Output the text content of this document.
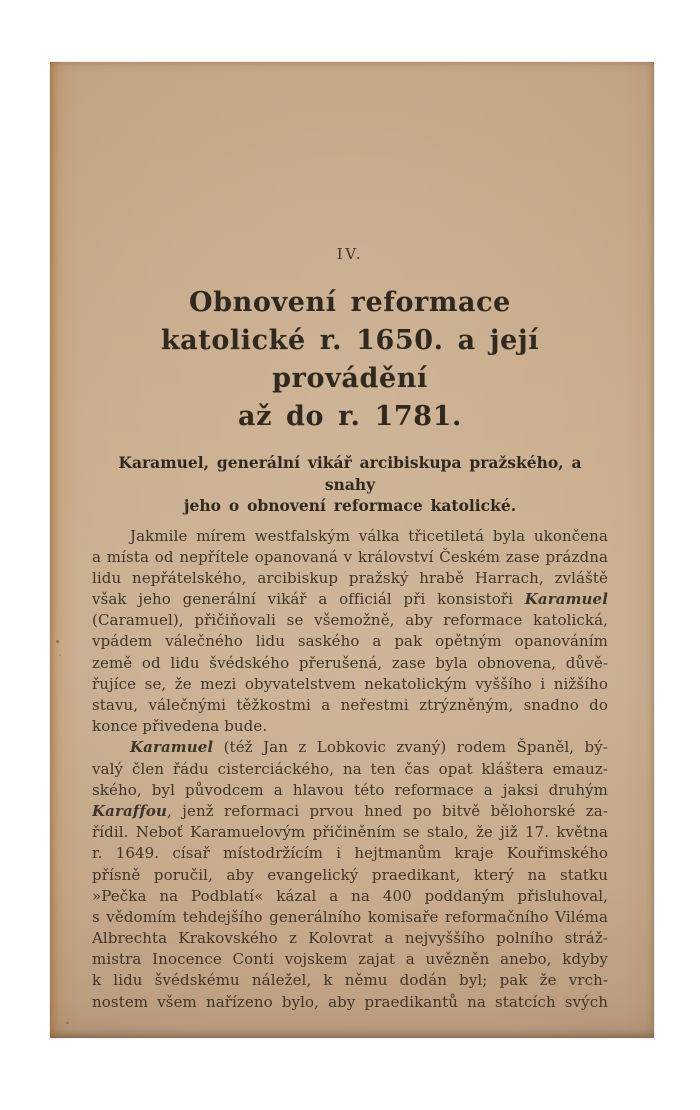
IV.
Obnovení reformace
katolické r. 1650. a její provádění
až do r. 1781.
Karamuel, generální vikář arcibiskupa pražského, a snahy
jeho o obnovení reformace katolické.
Jakmile mírem westfalským válka třicetiletá byla ukončena
a místa od nepřítele opanovaná v království Českém zase prázdna
lidu nepřátelského, arcibiskup pražský hrabě Harrach, zvláště
však jeho generální vikář a officiál při konsistoři Karamuel
(Caramuel), přičiňovali se všemožně, aby reformace katolická,
vpádem válečného lidu saského a pak opětným opanováním
země od lidu švédského přerušená, zase byla obnovena, důvě-
řujíce se, že mezi obyvatelstvem nekatolickým vyššího i nižšího
stavu, válečnými těžkostmi a neřestmi ztrýzněným, snadno do
konce přivedena bude.
Karamuel (též Jan z Lobkovic zvaný) rodem Španěl, bý-
valý člen řádu cisterciáckého, na ten čas opat kláštera emauz-
ského, byl původcem a hlavou této reformace a jaksi druhým
Karaffou, jenž reformaci prvou hned po bitvě bělohorské za-
řídil. Neboť Karamuelovým přičiněním se stalo, že již 17. května
r. 1649. císař místodržícím i hejtmanům kraje Kouřimského
přísně poručil, aby evangelický praedikant, který na statku
»Pečka na Podblatí« kázal a na 400 poddaným přisluhoval,
s vědomím tehdejšího generálního komisaře reformačního Viléma
Albrechta Krakovského z Kolovrat a nejvyššího polního stráž-
mistra Inocence Conti vojskem zajat a uvězněn anebo, kdyby
k lidu švédskému náležel, k němu dodán byl; pak že vrch-
nostem všem nařízeno bylo, aby praedikantů na statcích svých
